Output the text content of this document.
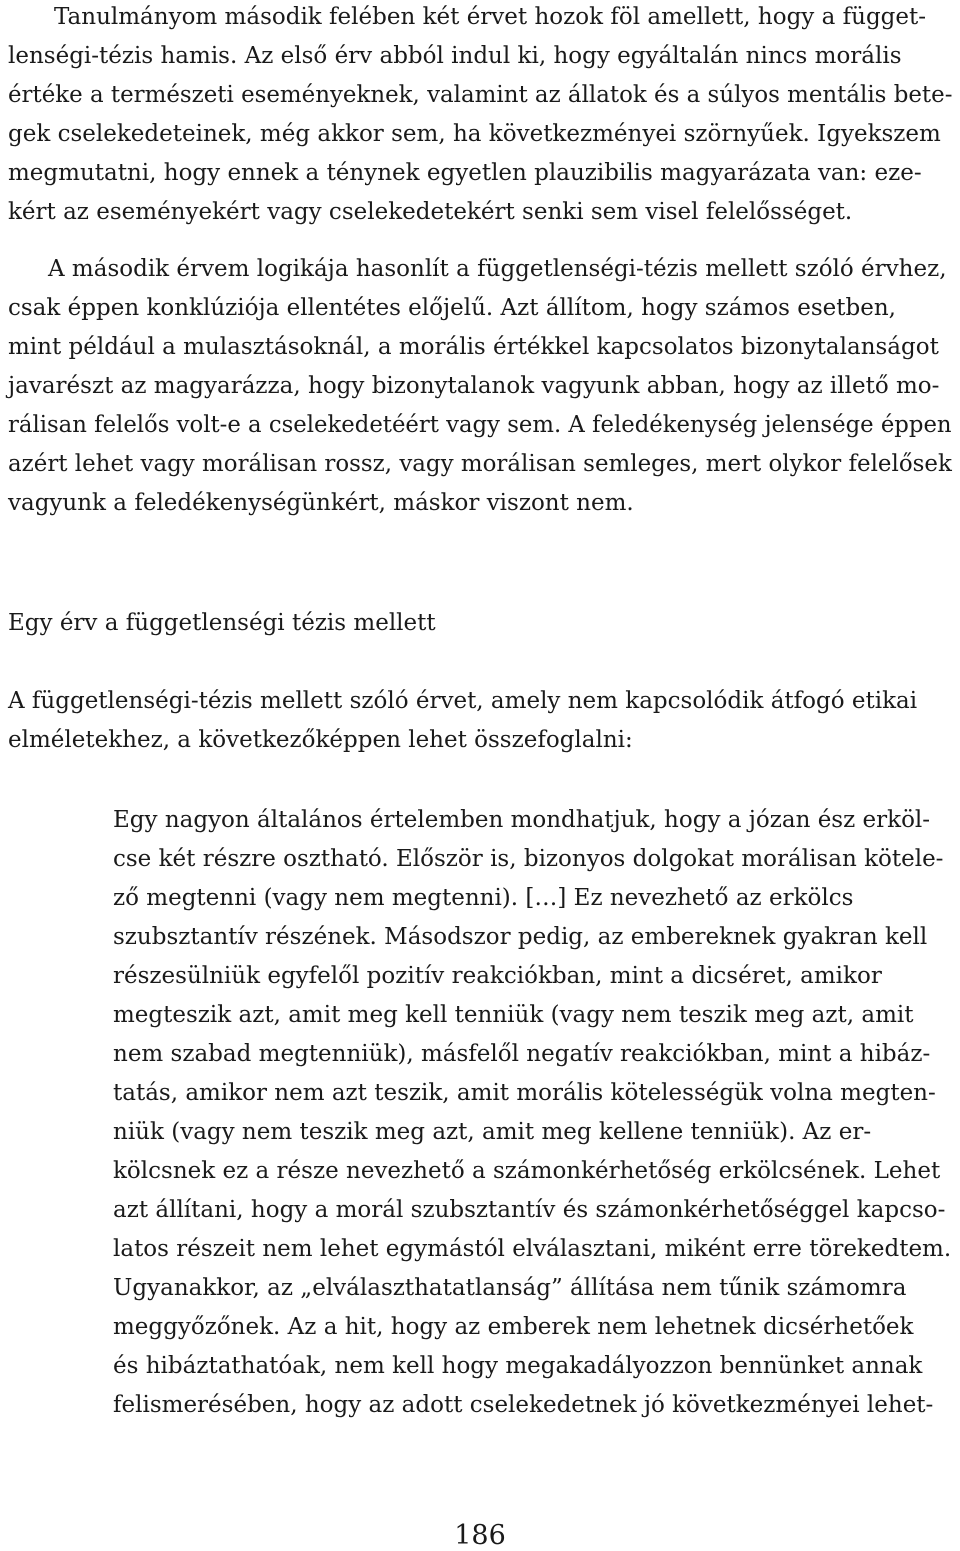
Tanulmányom második felében két érvet hozok föl amellett, hogy a függet-
lenségi-tézis hamis. Az első érv abból indul ki, hogy egyáltalán nincs morális
értéke a természeti eseményeknek, valamint az állatok és a súlyos mentális bete-
gek cselekedeteinek, még akkor sem, ha következményei szörnyűek. Igyekszem
megmutatni, hogy ennek a ténynek egyetlen plauzibilis magyarázata van: eze-
kért az eseményekért vagy cselekedetekért senki sem visel felelősséget.
A második érvem logikája hasonlít a függetlenségi-tézis mellett szóló érvhez,
csak éppen konklúziója ellentétes előjelű. Azt állítom, hogy számos esetben,
mint például a mulasztásoknál, a morális értékkel kapcsolatos bizonytalanságot
javarészt az magyarázza, hogy bizonytalanok vagyunk abban, hogy az illető mo-
rálisan felelős volt-e a cselekedetéért vagy sem. A feledékenység jelensége éppen
azért lehet vagy morálisan rossz, vagy morálisan semleges, mert olykor felelősek
vagyunk a feledékenységünkért, máskor viszont nem.
Egy érv a függetlenségi tézis mellett
A függetlenségi-tézis mellett szóló érvet, amely nem kapcsolódik átfogó etikai
elméletekhez, a következőképpen lehet összefoglalni:
Egy nagyon általános értelemben mondhatjuk, hogy a józan ész erköl-
cse két részre osztható. Először is, bizonyos dolgokat morálisan kötele-
ző megtenni (vagy nem megtenni). […] Ez nevezhető az erkölcs
szubsztantív részének. Másodszor pedig, az embereknek gyakran kell
részesülniük egyfelől pozitív reakciókban, mint a dicséret, amikor
megteszik azt, amit meg kell tenniük (vagy nem teszik meg azt, amit
nem szabad megtenniük), másfelől negatív reakciókban, mint a hibáz-
tatás, amikor nem azt teszik, amit morális kötelességük volna megten-
niük (vagy nem teszik meg azt, amit meg kellene tenniük). Az er-
kölcsnek ez a része nevezhető a számonkérhetőség erkölcsének. Lehet
azt állítani, hogy a morál szubsztantív és számonkérhetőséggel kapcso-
latos részeit nem lehet egymástól elválasztani, miként erre törekedtem.
Ugyanakkor, az „elválaszthatatlanság” állítása nem tűnik számomra
meggyőzőnek. Az a hit, hogy az emberek nem lehetnek dicsérhetőek
és hibáztathatóak, nem kell hogy megakadályozzon bennünket annak
felismerésében, hogy az adott cselekedetnek jó következményei lehet-
186
